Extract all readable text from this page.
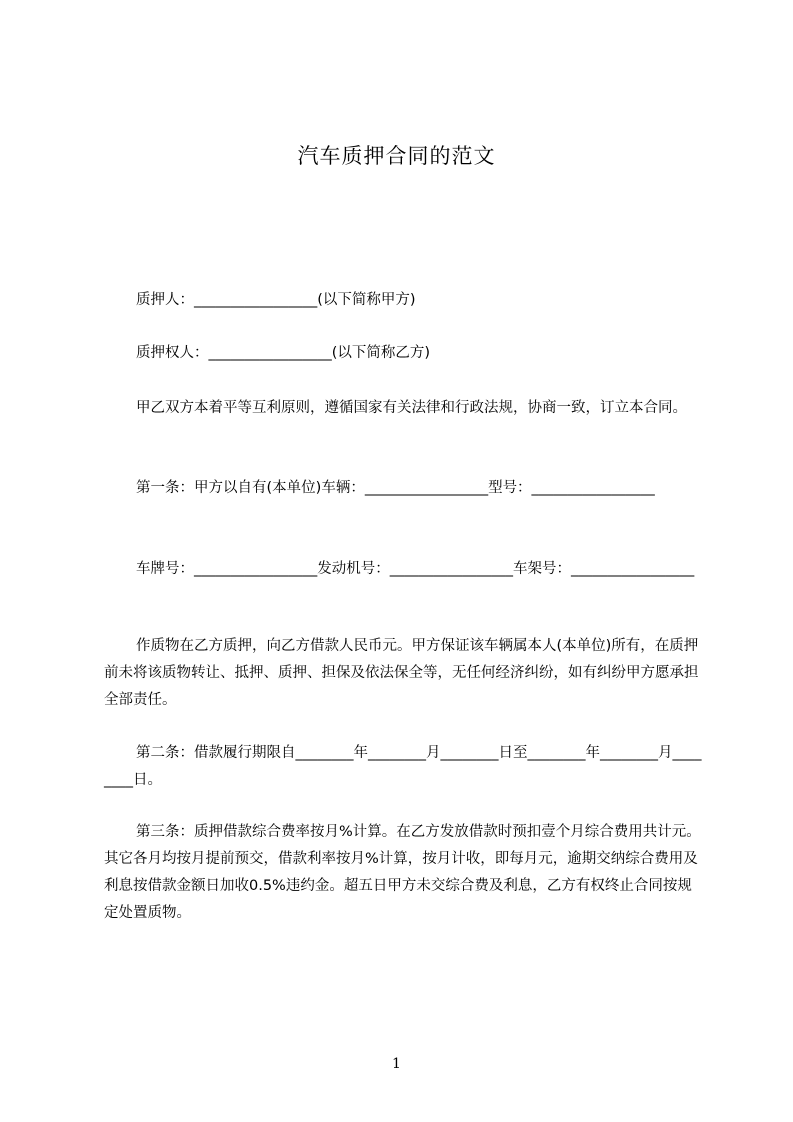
汽车质押合同的范文
质押人：_________________(以下简称甲方)
质押权人：_________________(以下简称乙方)
甲乙双方本着平等互利原则，遵循国家有关法律和行政法规，协商一致，订立本合同。
第一条：甲方以自有(本单位)车辆：_________________型号：_________________
车牌号：_________________发动机号：_________________车架号：_________________
作质物在乙方质押，向乙方借款人民币元。甲方保证该车辆属本人(本单位)所有，在质押前未将该质物转让、抵押、质押、担保及依法保全等，无任何经济纠纷，如有纠纷甲方愿承担全部责任。
第二条：借款履行期限自________年________月________日至________年________月________日。
第三条：质押借款综合费率按月%计算。在乙方发放借款时预扣壹个月综合费用共计元。其它各月均按月提前预交，借款利率按月%计算，按月计收，即每月元，逾期交纳综合费用及利息按借款金额日加收0.5%违约金。超五日甲方未交综合费及利息，乙方有权终止合同按规定处置质物。
1
